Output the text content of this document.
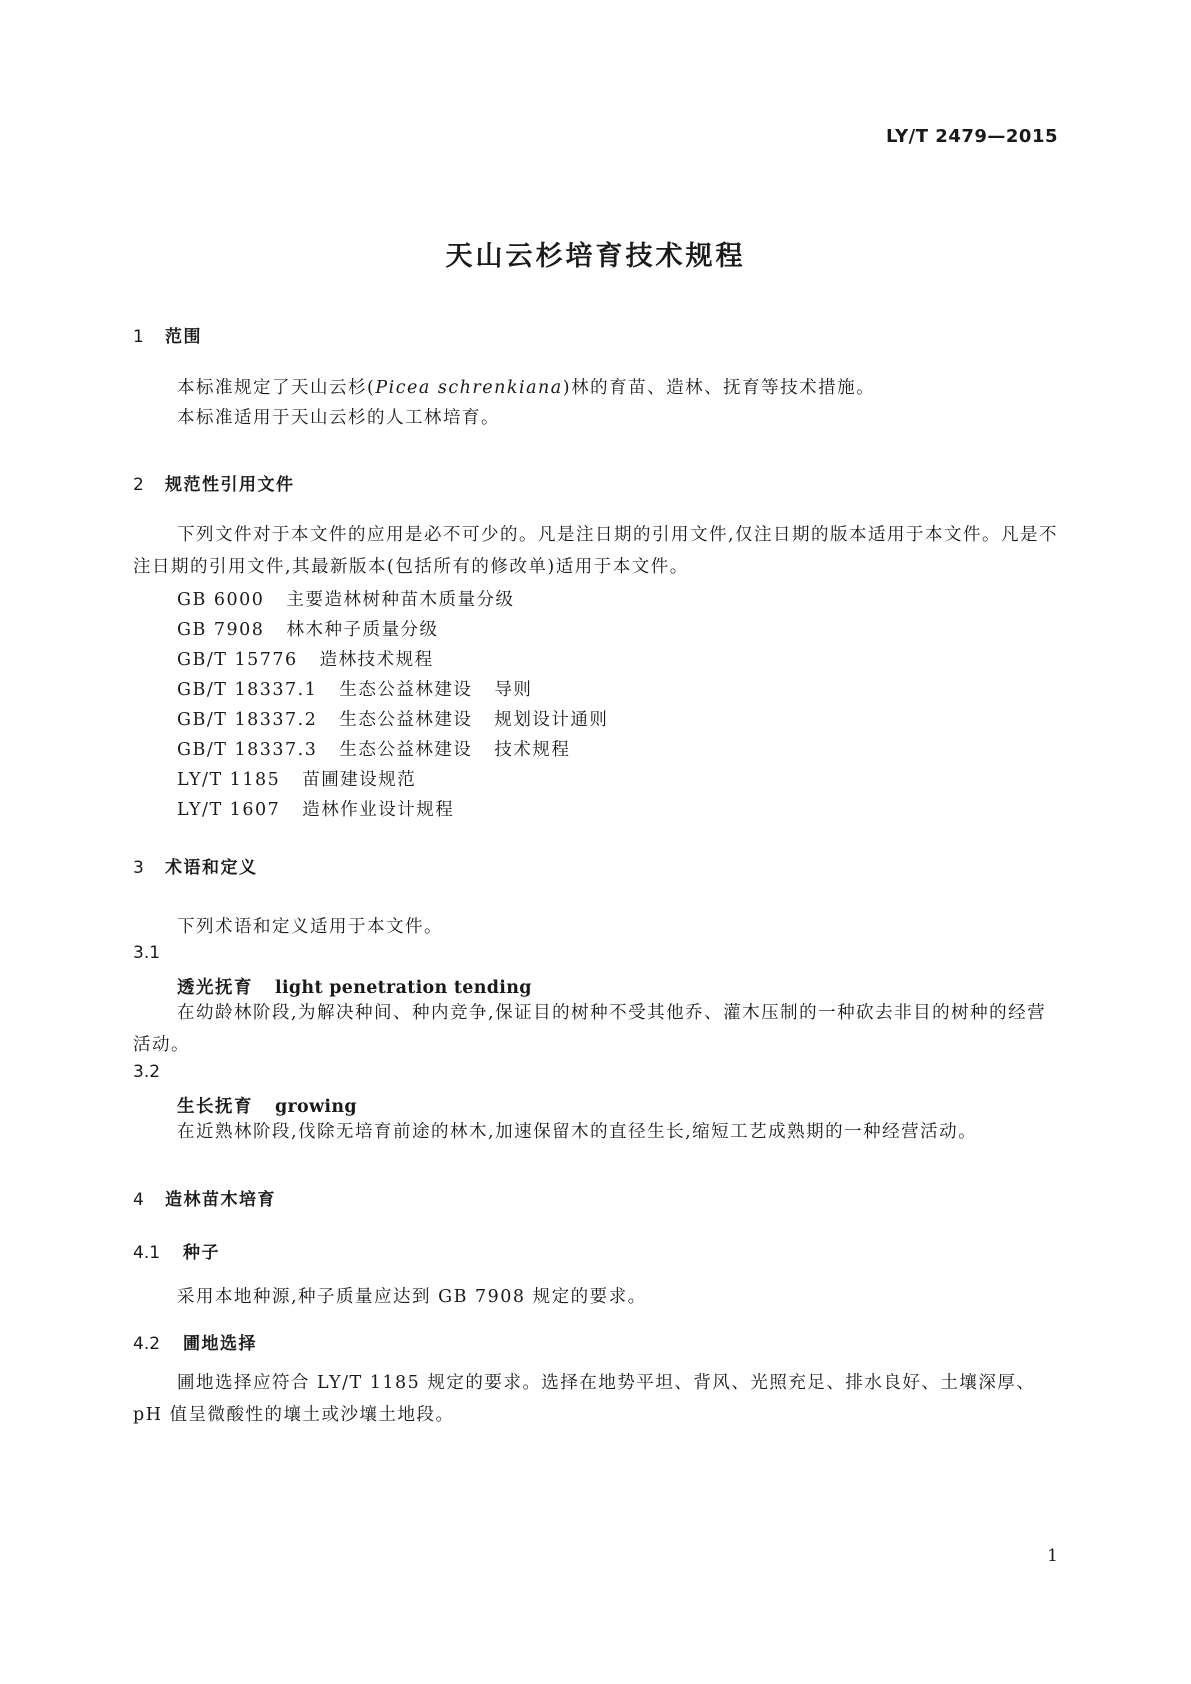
LY/T 2479—2015
天山云杉培育技术规程
1 范围
本标准规定了天山云杉(Picea schrenkiana)林的育苗、造林、抚育等技术措施。
本标准适用于天山云杉的人工林培育。
2 规范性引用文件
下列文件对于本文件的应用是必不可少的。凡是注日期的引用文件,仅注日期的版本适用于本文件。凡是不注日期的引用文件,其最新版本(包括所有的修改单)适用于本文件。
GB 6000 主要造林树种苗木质量分级
GB 7908 林木种子质量分级
GB/T 15776 造林技术规程
GB/T 18337.1 生态公益林建设 导则
GB/T 18337.2 生态公益林建设 规划设计通则
GB/T 18337.3 生态公益林建设 技术规程
LY/T 1185 苗圃建设规范
LY/T 1607 造林作业设计规程
3 术语和定义
下列术语和定义适用于本文件。
3.1
透光抚育 light penetration tending
在幼龄林阶段,为解决种间、种内竞争,保证目的树种不受其他乔、灌木压制的一种砍去非目的树种的经营活动。
3.2
生长抚育 growing
在近熟林阶段,伐除无培育前途的林木,加速保留木的直径生长,缩短工艺成熟期的一种经营活动。
4 造林苗木培育
4.1 种子
采用本地种源,种子质量应达到 GB 7908 规定的要求。
4.2 圃地选择
圃地选择应符合 LY/T 1185 规定的要求。选择在地势平坦、背风、光照充足、排水良好、土壤深厚、pH 值呈微酸性的壤土或沙壤土地段。
1
